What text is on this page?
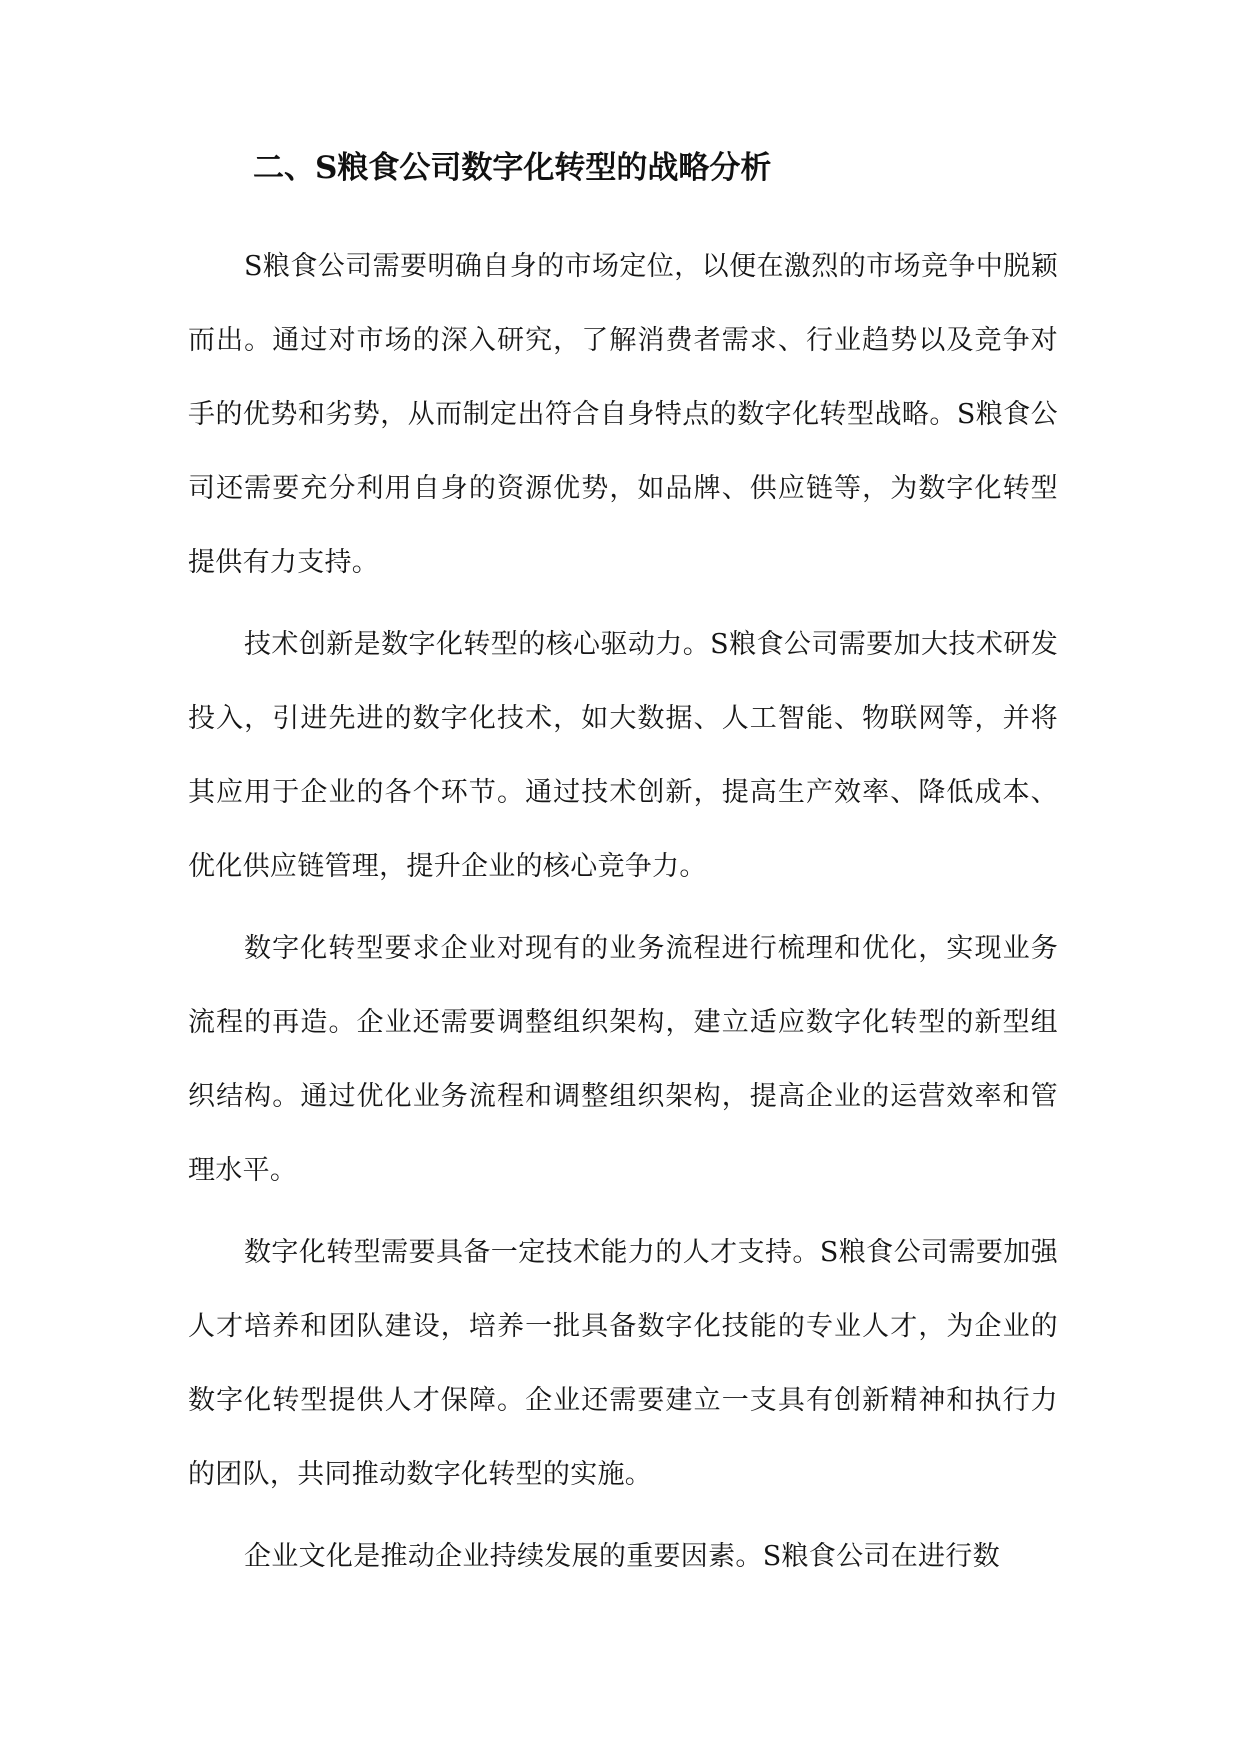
二、S粮食公司数字化转型的战略分析

S粮食公司需要明确自身的市场定位，以便在激烈的市场竞争中脱颖而出。通过对市场的深入研究，了解消费者需求、行业趋势以及竞争对手的优势和劣势，从而制定出符合自身特点的数字化转型战略。S粮食公司还需要充分利用自身的资源优势，如品牌、供应链等，为数字化转型提供有力支持。

技术创新是数字化转型的核心驱动力。S粮食公司需要加大技术研发投入，引进先进的数字化技术，如大数据、人工智能、物联网等，并将其应用于企业的各个环节。通过技术创新，提高生产效率、降低成本、优化供应链管理，提升企业的核心竞争力。

数字化转型要求企业对现有的业务流程进行梳理和优化，实现业务流程的再造。企业还需要调整组织架构，建立适应数字化转型的新型组织结构。通过优化业务流程和调整组织架构，提高企业的运营效率和管理水平。

数字化转型需要具备一定技术能力的人才支持。S粮食公司需要加强人才培养和团队建设，培养一批具备数字化技能的专业人才，为企业的数字化转型提供人才保障。企业还需要建立一支具有创新精神和执行力的团队，共同推动数字化转型的实施。

企业文化是推动企业持续发展的重要因素。S粮食公司在进行数
